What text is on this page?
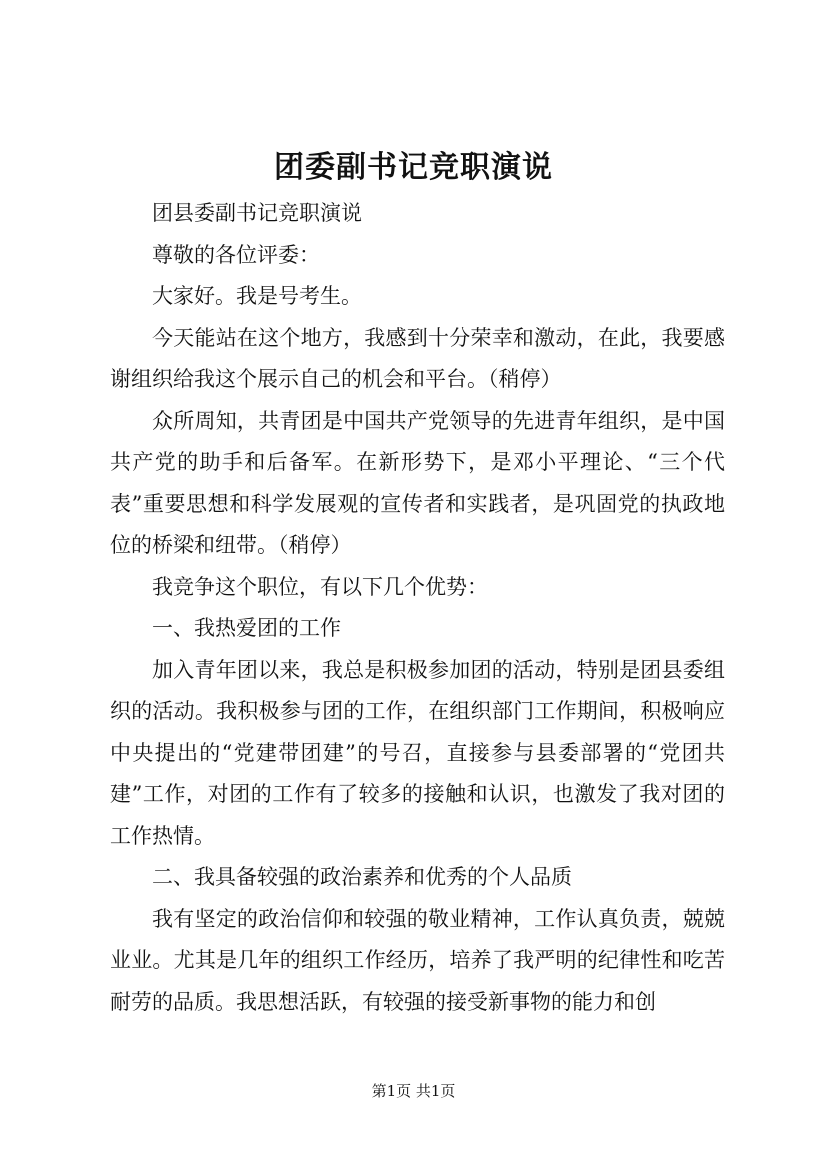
团委副书记竞职演说

团县委副书记竞职演说

尊敬的各位评委：

大家好。我是号考生。

今天能站在这个地方，我感到十分荣幸和激动，在此，我要感谢组织给我这个展示自己的机会和平台。（稍停）

众所周知，共青团是中国共产党领导的先进青年组织，是中国共产党的助手和后备军。在新形势下，是邓小平理论、“三个代表”重要思想和科学发展观的宣传者和实践者，是巩固党的执政地位的桥梁和纽带。（稍停）

我竞争这个职位，有以下几个优势：

一、我热爱团的工作

加入青年团以来，我总是积极参加团的活动，特别是团县委组织的活动。我积极参与团的工作，在组织部门工作期间，积极响应中央提出的“党建带团建”的号召，直接参与县委部署的“党团共建”工作，对团的工作有了较多的接触和认识，也激发了我对团的工作热情。

二、我具备较强的政治素养和优秀的个人品质

我有坚定的政治信仰和较强的敬业精神，工作认真负责，兢兢业业。尤其是几年的组织工作经历，培养了我严明的纪律性和吃苦耐劳的品质。我思想活跃，有较强的接受新事物的能力和创

第1页 共1页
